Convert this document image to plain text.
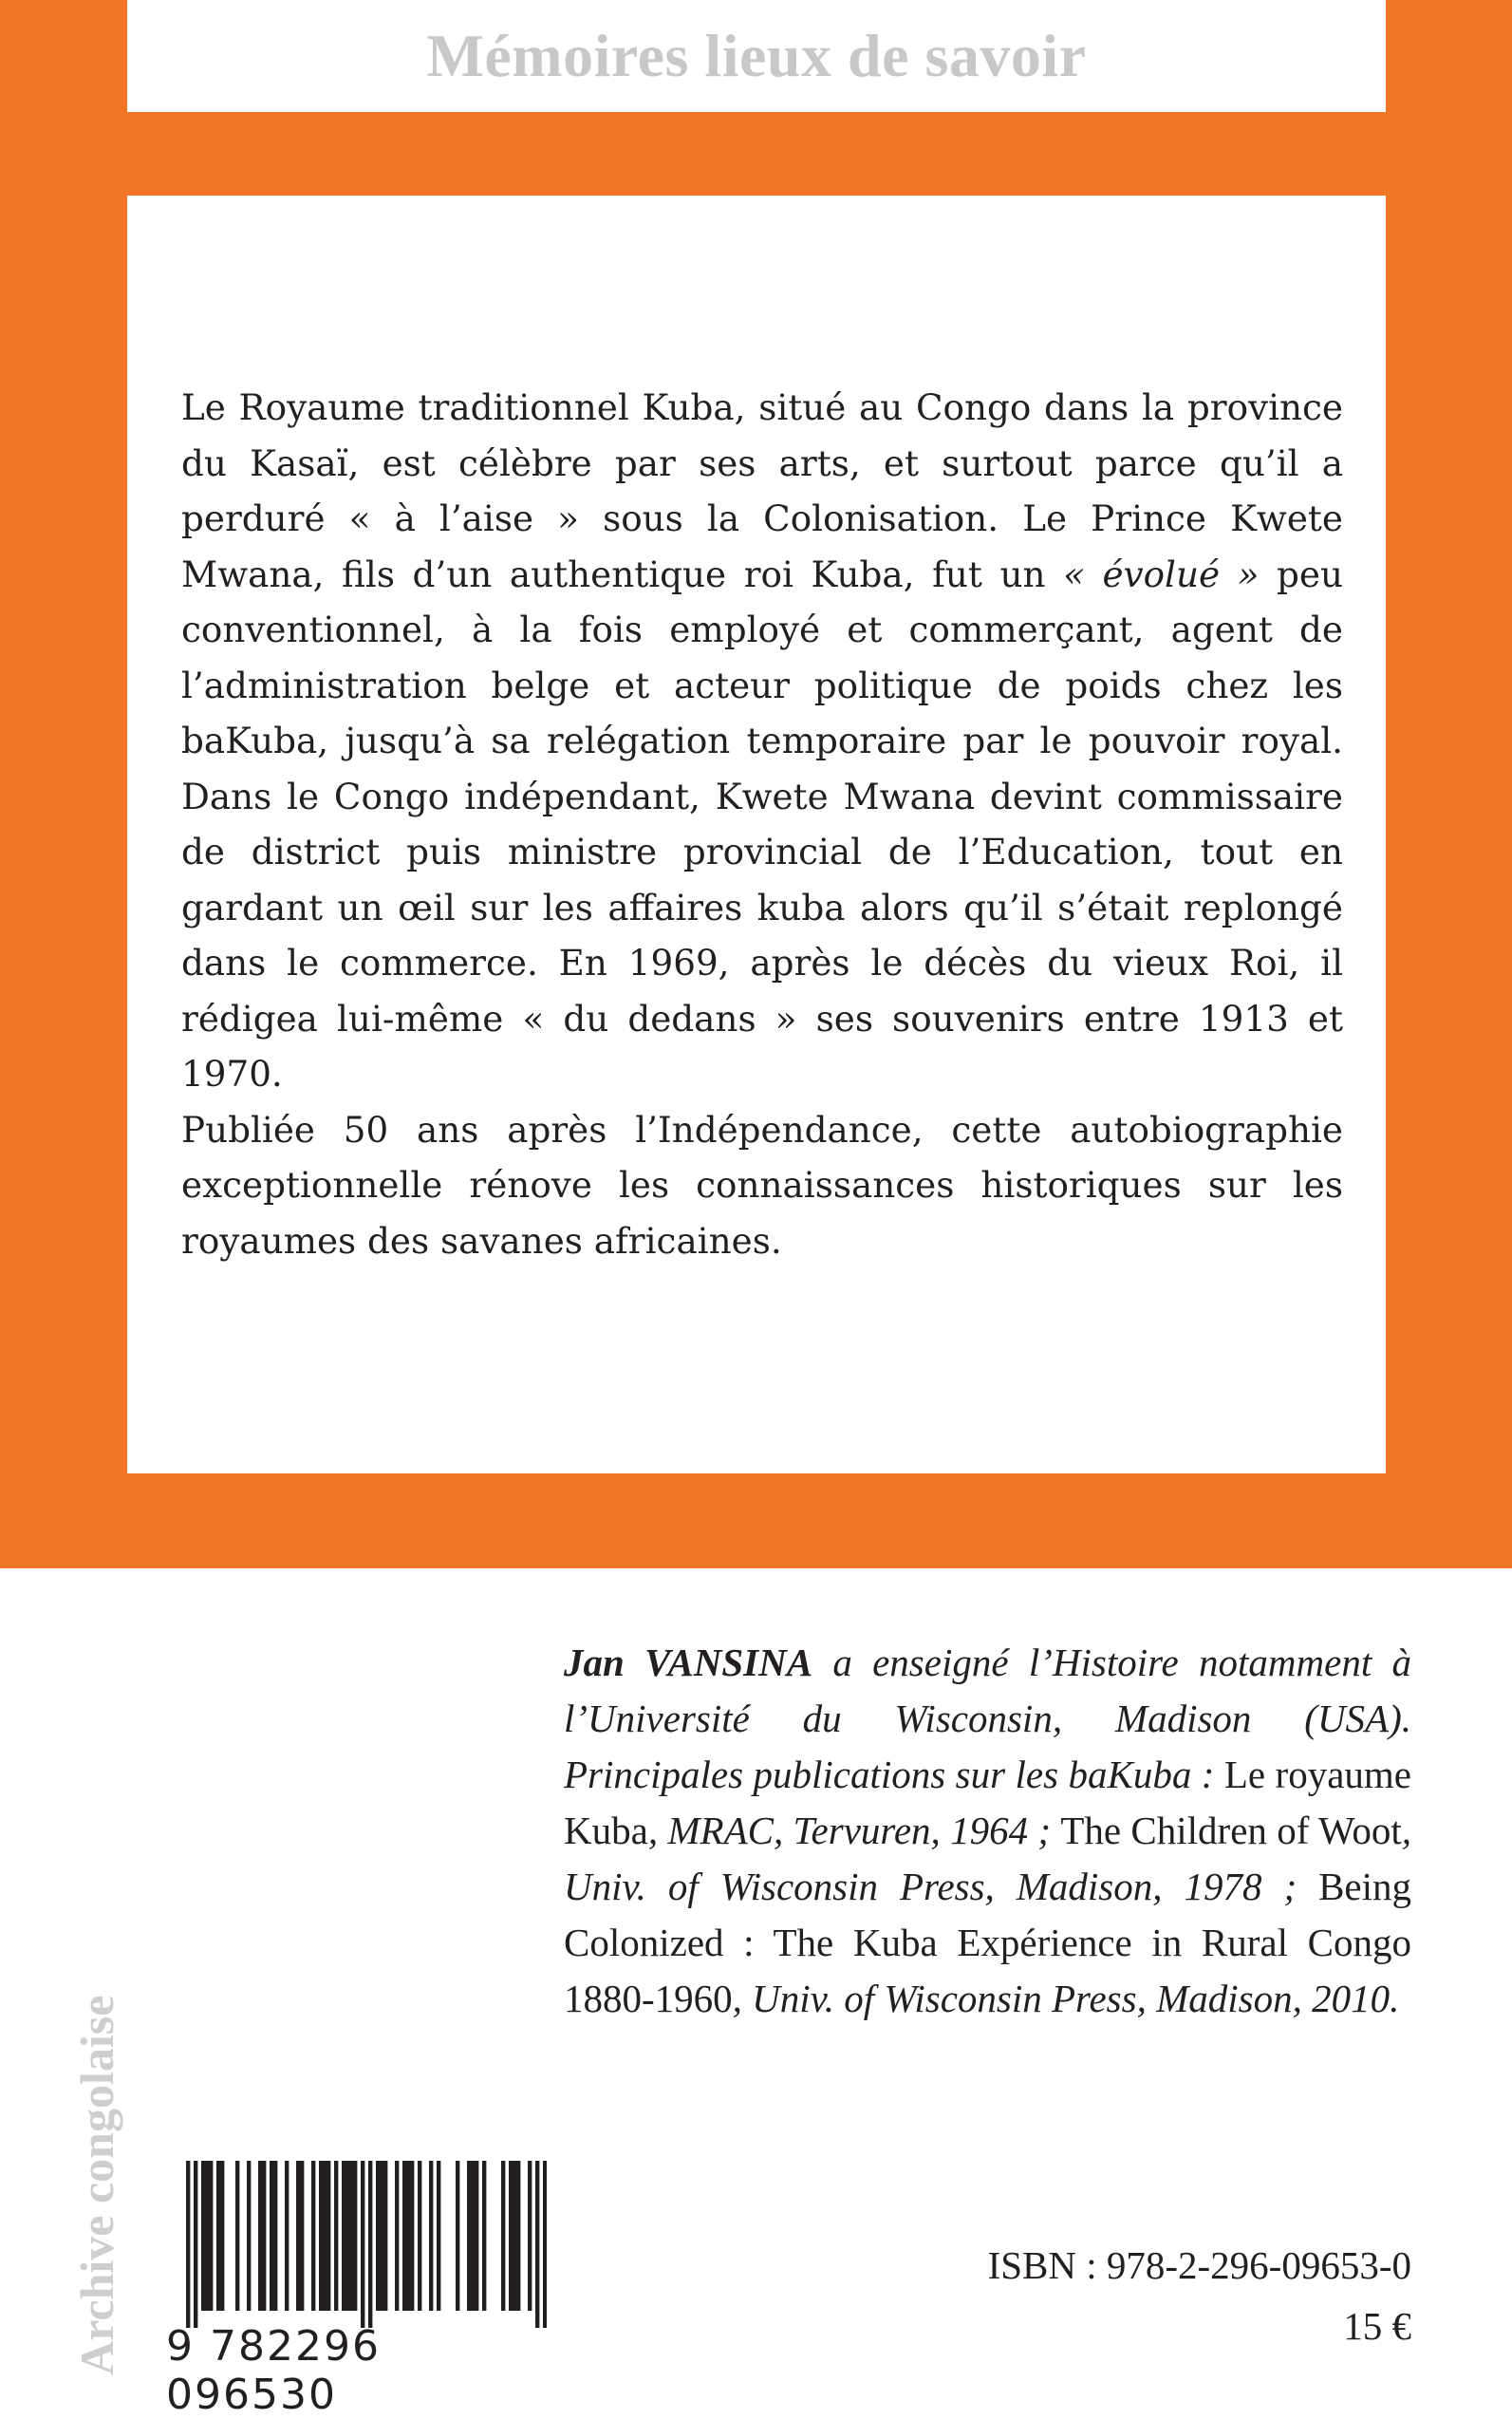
Mémoires lieux de savoir

Le Royaume traditionnel Kuba, situé au Congo dans la province du Kasaï, est célèbre par ses arts, et surtout parce qu’il a perduré « à l’aise » sous la Colonisation. Le Prince Kwete Mwana, fils d’un authentique roi Kuba, fut un « évolué » peu conventionnel, à la fois employé et commerçant, agent de l’administration belge et acteur politique de poids chez les baKuba, jusqu’à sa relégation temporaire par le pouvoir royal. Dans le Congo indépendant, Kwete Mwana devint commissaire de district puis ministre provincial de l’Education, tout en gardant un œil sur les affaires kuba alors qu’il s’était replongé dans le commerce. En 1969, après le décès du vieux Roi, il rédigea lui-même « du dedans » ses souvenirs entre 1913 et 1970.

Publiée 50 ans après l’Indépendance, cette autobiographie exceptionnelle rénove les connaissances historiques sur les royaumes des savanes africaines.

Jan VANSINA a enseigné l’Histoire notamment à l’Université du Wisconsin, Madison (USA). Principales publications sur les baKuba : Le royaume Kuba, MRAC, Tervuren, 1964 ; The Children of Woot, Univ. of Wisconsin Press, Madison, 1978 ; Being Colonized : The Kuba Expérience in Rural Congo 1880-1960, Univ. of Wisconsin Press, Madison, 2010.
Archive congolaise 9 782296 096530
ISBN : 978-2-296-09653-0
15 €
